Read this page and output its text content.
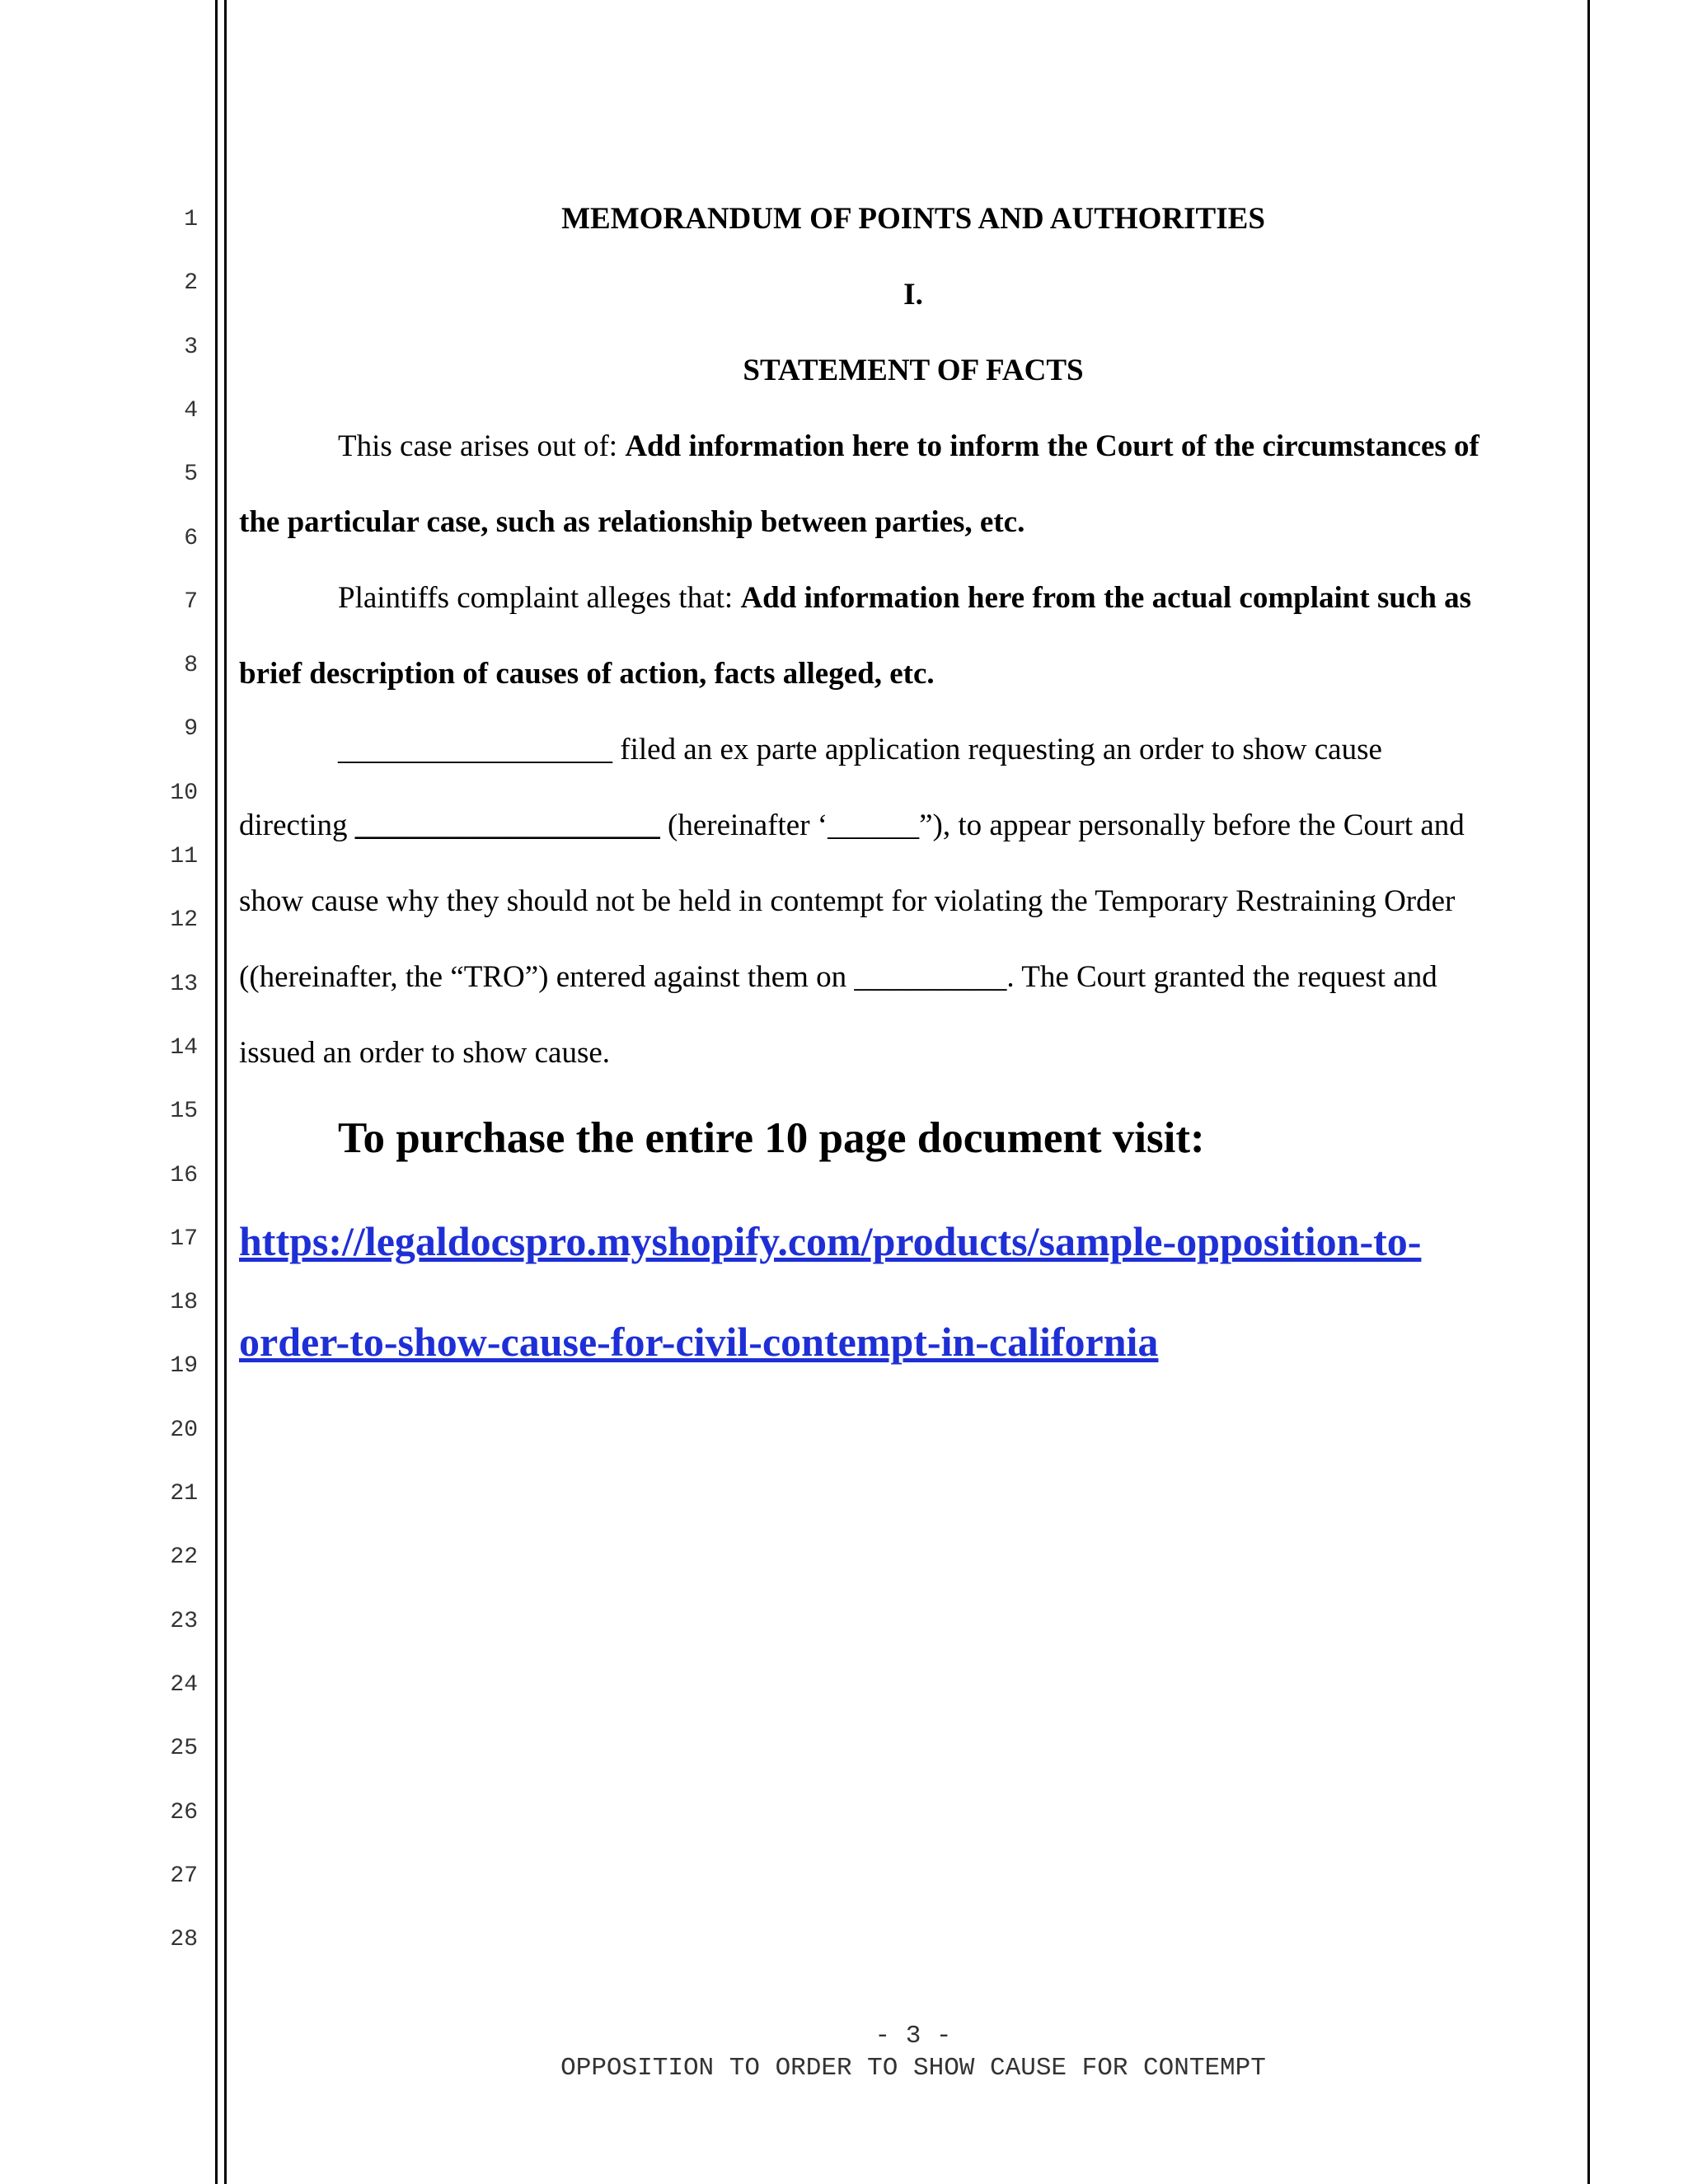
1
2
3
4
5
6
7
8
9
10
11
12
13
14
15
16
17
18
19
20
21
22
23
24
25
26
27
28
MEMORANDUM OF POINTS AND AUTHORITIES
I.
STATEMENT OF FACTS
This case arises out of: Add information here to inform the Court of the circumstances of
the particular case, such as relationship between parties, etc.
Plaintiffs complaint alleges that: Add information here from the actual complaint such as
brief description of causes of action, facts alleged, etc.
__________________ filed an ex parte application requesting an order to show cause
directing ____________________ (hereinafter ‘______”), to appear personally before the Court and
show cause why they should not be held in contempt for violating the Temporary Restraining Order
((hereinafter, the “TRO”) entered against them on __________. The Court granted the request and
issued an order to show cause.
To purchase the entire 10 page document visit:
https://legaldocspro.myshopify.com/products/sample-opposition-to-
order-to-show-cause-for-civil-contempt-in-california
- 3 -
OPPOSITION TO ORDER TO SHOW CAUSE FOR CONTEMPT
